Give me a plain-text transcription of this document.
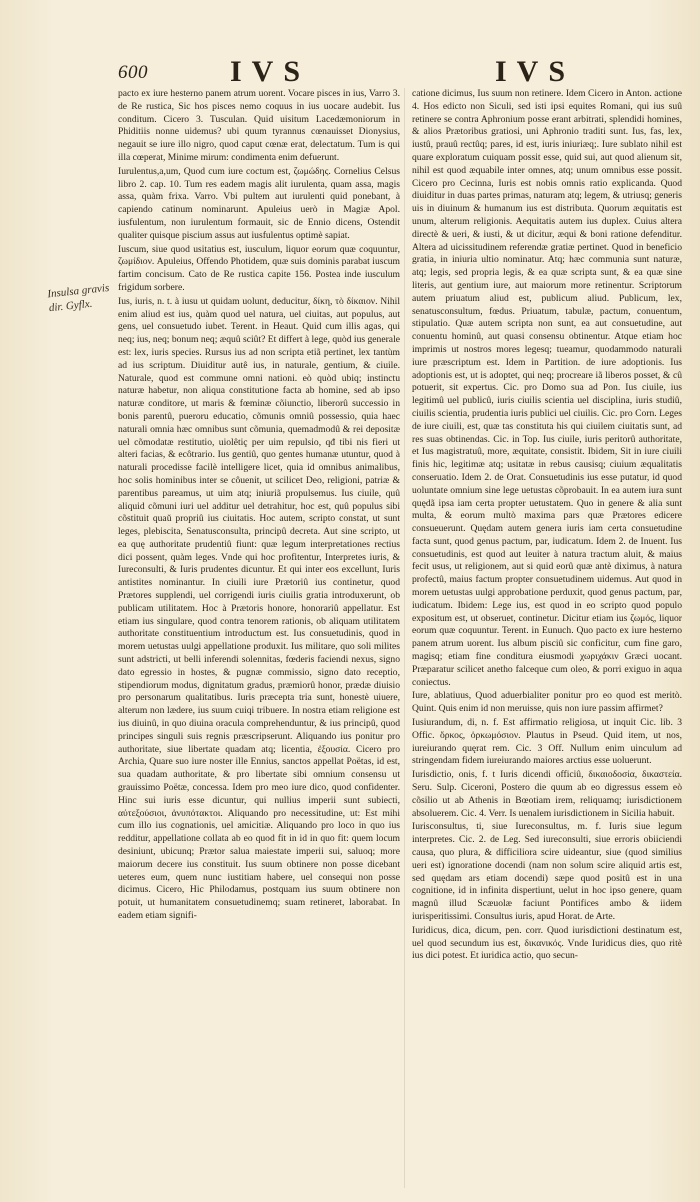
600	IVS	IVS
Insulsa gravis dir. Gyflx.

pacto ex iure hesterno panem atrum uorent. Vocare pisces in ius, Varro 3. de Re rustica, Sic hos pisces nemo coquus in ius uocare audebit. Ius conditum. Cicero 3. Tusculan. Quid uisitum Lacedæmoniorum in Phiditiis nonne uidemus? ubi quum tyrannus cœnauisset Dionysius, negauit se iure illo nigro, quod caput cœnæ erat, delectatum. Tum is qui illa cœperat, Minime mirum: condimenta enim defuerunt.

Iurulentus,a,um, Quod cum iure coctum est, ζωμώδης. Cornelius Celsus libro 2. cap. 10. Tum res eadem magis alit iurulenta, quam assa, magis assa, quàm frixa. Varro. Vbi pultem aut iurulenti quid ponebant, à capiendo catinum nominarunt. Apuleius uerò in Magiæ Apol. iusfulentum, non iurulentum formauit, sic de Ennio dicens, Ostendit qualiter quisque piscium assus aut iusfulentus optimè sapiat.

Iuscum, siue quod usitatius est, iusculum, liquor eorum quæ coquuntur, ζωμίδιον. Apuleius, Offendo Photidem, quæ suis dominis parabat iuscum fartim concisum. Cato de Re rustica capite 156. Postea inde iusculum frigidum sorbere.

Ius, iuris, n. t. à iusu ut quidam uolunt, deducitur, δίκη, τὸ δίκαιον. Nihil enim aliud est ius, quàm quod uel natura, uel ciuitas, aut populus, aut gens, uel consuetudo iubet. Terent. in Heaut. Quid cum illis agas, qui neq; ius, neq; bonum neq; æquû sciût? Et differt à lege, quòd ius generale est: lex, iuris species. Rursus ius ad non scripta etiã pertinet, lex tantùm ad ius scriptum. Diuiditur autê ius, in naturale, gentium, & ciuile. Naturale, quod est commune omni nationi. eò quòd ubiq; instinctu naturæ habetur, non aliqua constitutione facta ab homine, sed ab ipso naturæ conditore, ut maris & fœminæ cõiunctio, liberorû successio in bonis parentû, pueroru educatio, cõmunis omniû possessio, quia haec naturali omnia hæc omnibus sunt cõmunia, quemadmodû & rei depositæ uel cõmodatæ restitutio, uiolêtiç per uim repulsio, qđ tibi nis fieri ut alteri facias, & ecôtrario. Ius gentiû, quo gentes humanæ utuntur, quod à naturali procedisse facilè intelligere licet, quia id omnibus animalibus, hoc solis hominibus inter se côuenit, ut scilicet Deo, religioni, patriæ & parentibus pareamus, ut uim atq; iniuriã propulsemus. Ius ciuile, quû aliquid cõmuni iuri uel additur uel detrahitur, hoc est, quû populus sibi cõstituit quaŭ propriû ius ciuitatis. Hoc autem, scripto constat, ut sunt leges, plebiscita, Senatusconsulta, principû decreta. Aut sine scripto, ut ea quę authoritate prudentiû fiunt: quæ legum interpretationes rectius dici possent, quàm leges. Vnde qui hoc profitentur, Interpretes iuris, & Iureconsulti, & Iuris prudentes dicuntur. Et qui inter eos excellunt, Iuris antistites nominantur. In ciuili iure Prætoriû ius continetur, quod Prætores supplendi, uel corrigendi iuris ciuilis gratia introduxerunt, ob publicam utilitatem. Hoc à Prætoris honore, honorariû appellatur. Est etiam ius singulare, quod contra tenorem rationis, ob aliquam utilitatem authoritate constituentium introductum est. Ius consuetudinis, quod in morem uetustas uulgi appellatione produxit. Ius militare, quo soli milites sunt adstricti, ut belli inferendi solennitas, fœderis faciendi nexus, signo dato egressio in hostes, & pugnæ commissio, signo dato receptio, stipendiorum modus, dignitatum gradus, præmiorû honor, prædæ diuisio pro personarum qualitatibus. Iuris præcepta tria sunt, honestè uiuere, alterum non lædere, ius suum cuiqi tribuere. In nostra etiam religione est ius diuinû, in quo diuina oracula comprehenduntur, & ius principû, quod principes singuli suis regnis præscripserunt. Aliquando ius ponitur pro authoritate, siue libertate quadam atq; licentia, ἐξουσία. Cicero pro Archia, Quare suo iure noster ille Ennius, sanctos appellat Poëtas, id est, sua quadam authoritate, & pro libertate sibi omnium consensu ut grauissimo Poëtæ, concessa. Idem pro meo iure dico, quod confidenter. Hinc sui iuris esse dicuntur, qui nullius imperii sunt subiecti, αὐτεξούσιοι, ἀνυπότακτοι. Aliquando pro necessitudine, ut: Est mihi cum illo ius cognationis, uel amicitiæ. Aliquando pro loco in quo ius redditur, appellatione collata ab eo quod fit in id in quo fit: quem locum desiniunt, ubicunq; Prætor salua maiestate imperii sui, saluoq; more maiorum decere ius constituit. Ius suum obtinere non posse dicebant ueteres eum, quem nunc iustitiam habere, uel consequi non posse dicimus. Cicero, Hic Philodamus, postquam ius suum obtinere non potuit, ut humanitatem consuetudinemq; suam retineret, laborabat. In eadem etiam signifi-

catione dicimus, Ius suum non retinere. Idem Cicero in Anton. actione 4. Hos edicto non Siculi, sed isti ipsi equites Romani, qui ius suû retinere se contra Aphronium posse erant arbitrati, splendidi homines, & alios Prætoribus gratiosi, uni Aphronio traditi sunt. Ius, fas, lex, iustû, prauû rectûq; pares, id est, iuris iniuriæq;. Iure sublato nihil est quare exploratum cuiquam possit esse, quid sui, aut quod alienum sit, nihil est quod æquabile inter omnes, atq; unum omnibus esse possit. Cicero pro Cecinna, Iuris est nobis omnis ratio explicanda. Quod diuiditur in duas partes primas, naturam atq; legem, & utriusq; generis uis in diuinum & humanum ius est distributa. Quorum æquitatis est unum, alterum religionis. Aequitatis autem ius duplex. Cuius altera directè & ueri, & iusti, & ut dicitur, æqui & boni ratione defenditur. Altera ad uicissitudinem referendæ gratiæ pertinet. Quod in beneficio gratia, in iniuria ultio nominatur. Atq; hæc communia sunt naturæ, atq; legis, sed propria legis, & ea quæ scripta sunt, & ea quæ sine literis, aut gentium iure, aut maiorum more retinentur. Scriptorum autem priuatum aliud est, publicum aliud. Publicum, lex, senatusconsultum, fœdus. Priuatum, tabulæ, pactum, conuentum, stipulatio. Quæ autem scripta non sunt, ea aut consuetudine, aut conuentu hominû, aut quasi consensu obtinentur. Atque etiam hoc imprimis ut nostros mores legesq; tueamur, quodammodo naturali iure præscriptum est. Idem in Partition. de iure adoptionis. Ius adoptionis est, ut is adoptet, qui neq; procreare iã liberos posset, & cû potuerit, sit expertus. Cic. pro Domo sua ad Pon. Ius ciuile, ius legitimû uel publicû, iuris ciuilis scientia uel disciplina, iuris studiû, ciuilis scientia, prudentia iuris publici uel ciuilis. Cic. pro Corn. Leges de iure ciuili, est, quæ tas constituta his qui ciuilem ciuitatis sunt, ad res suas obtinendas. Cic. in Top. Ius ciuile, iuris peritorû authoritate, et Ius magistratuû, more, æquitate, consistit. Ibidem, Sit in iure ciuili finis hic, legitimæ atq; usitatæ in rebus causisq; ciuium æqualitatis conseruatio. Idem 2. de Orat. Consuetudinis ius esse putatur, id quod uoluntate omnium sine lege uetustas cõprobauit. In ea autem iura sunt quędã ipsa iam certa propter uetustatem. Quo in genere & alia sunt multa, & eorum multò maxima pars quæ Prætores edicere consueuerunt. Quędam autem genera iuris iam certa consuetudine facta sunt, quod genus pactum, par, iudicatum. Idem 2. de Inuent. Ius consuetudinis, est quod aut leuiter à natura tractum aluit, & maius fecit usus, ut religionem, aut si quid eorû quæ antè diximus, à natura profectû, maius factum propter consuetudinem uidemus. Aut quod in morem uetustas uulgi approbatione perduxit, quod genus pactum, par, iudicatum. Ibidem: Lege ius, est quod in eo scripto quod populo expositum est, ut obseruet, continetur. Dicitur etiam ius ζωμός, liquor eorum quæ coquuntur. Terent. in Eunuch. Quo pacto ex iure hesterno panem atrum uorent. Ius album pisciû sic conficitur, cum fine garo, magisq; etiam fine conditura eiusmodi χωριχάκιν Græci uocant. Præparatur scilicet anetho falceque cum oleo, & porri exiguo in aqua coniectus.

Iure, ablatiuus, Quod aduerbialiter ponitur pro eo quod est meritò. Quint. Quis enim id non meruisse, quis non iure passim affirmet?

Iusiurandum, di, n. f. Est affirmatio religiosa, ut inquit Cic. lib. 3 Offic. ὅρκος, ὁρκωμόσιον. Plautus in Pseud. Quid item, ut nos, iureiurando quęrat rem. Cic. 3 Off. Nullum enim uinculum ad stringendam fidem iureiurando maiores arctius esse uoluerunt.

Iurisdictio, onis, f. t Iuris dicendi officiû, δικαιοδοσία, δικαστεία. Seru. Sulp. Ciceroni, Postero die quum ab eo digressus essem eò cõsilio ut ab Athenis in Bœotiam irem, reliquamq; iurisdictionem absoluerem. Cic. 4. Verr. Is uenalem iurisdictionem in Sicilia habuit.

Iurisconsultus, ti, siue Iureconsultus, m. f. Iuris siue legum interpretes. Cic. 2. de Leg. Sed iureconsulti, siue erroris obiiciendi causa, quo plura, & difficiliora scire uideantur, siue (quod similius ueri est) ignoratione docendi (nam non solum scire aliquid artis est, sed quędam ars etiam docendi) sæpe quod positû est in una cognitione, id in infinita dispertiunt, uelut in hoc ipso genere, quam magnû illud Scæuolæ faciunt Pontifices ambo & iidem iurisperitissimi. Consultus iuris, apud Horat. de Arte.

Iuridicus, dica, dicum, pen. corr. Quod iurisdictioni destinatum est, uel quod secundum ius est, δικανικός. Vnde Iuridicus dies, quo ritè ius dici potest. Et iuridica actio, quo secun-
